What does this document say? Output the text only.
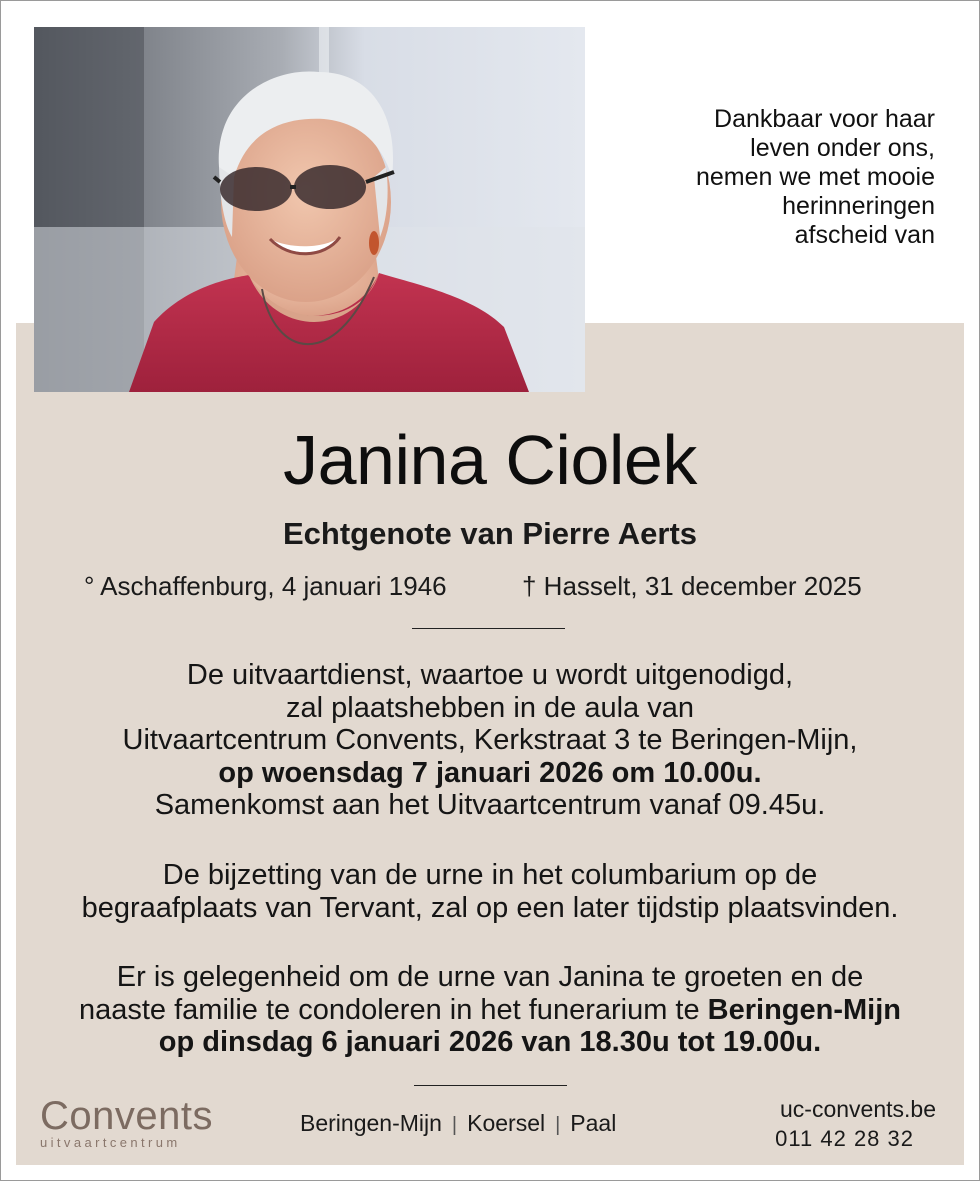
Dankbaar voor haar
leven onder ons,
nemen we met mooie
herinneringen
afscheid van
Janina Ciolek
Echtgenote van Pierre Aerts
° Aschaffenburg, 4 januari 1946	† Hasselt, 31 december 2025
De uitvaartdienst, waartoe u wordt uitgenodigd,
zal plaatshebben in de aula van
Uitvaartcentrum Convents, Kerkstraat 3 te Beringen-Mijn,
op woensdag 7 januari 2026 om 10.00u.
Samenkomst aan het Uitvaartcentrum vanaf 09.45u.
De bijzetting van de urne in het columbarium op de
begraafplaats van Tervant, zal op een later tijdstip plaatsvinden.
Er is gelegenheid om de urne van Janina te groeten en de
naaste familie te condoleren in het funerarium te Beringen-Mijn
op dinsdag 6 januari 2026 van 18.30u tot 19.00u.
Convents
uitvaartcentrum
Beringen-Mijn | Koersel | Paal
uc-convents.be
011 42 28 32
